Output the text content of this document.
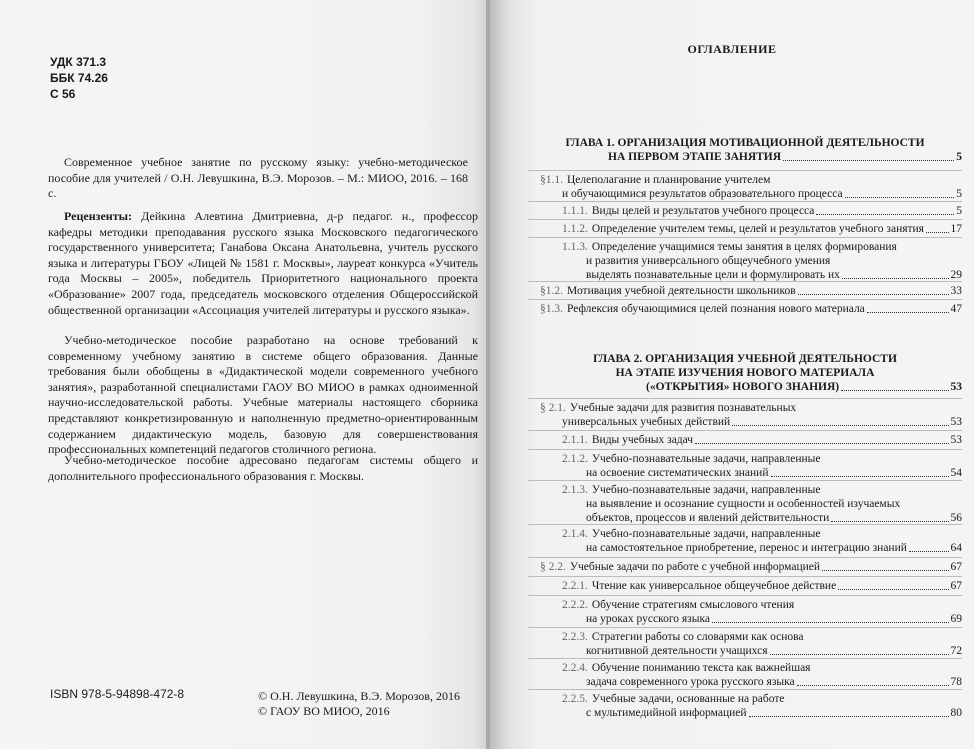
УДК 371.3
ББК 74.26
С 56
Современное учебное занятие по русскому языку: учебно-методическое пособие для учителей / О.Н. Левушкина, В.Э. Морозов. – М.: МИОО, 2016. – 168 с.
Рецензенты: Дейкина Алевтина Дмитриевна, д-р педагог. н., профессор кафедры методики преподавания русского языка Московского педагогического государственного университета; Ганабова Оксана Анатольевна, учитель русского языка и литературы ГБОУ «Лицей № 1581 г. Москвы», лауреат конкурса «Учитель года Москвы – 2005», победитель Приоритетного национального проекта «Образование» 2007 года, председатель московского отделения Общероссийской общественной организации «Ассоциация учителей литературы и русского языка».
Учебно-методическое пособие разработано на основе требований к современному учебному занятию в системе общего образования. Данные требования были обобщены в «Дидактической модели современного учебного занятия», разработанной специалистами ГАОУ ВО МИОО в рамках одноименной научно-исследовательской работы. Учебные материалы настоящего сборника представляют конкретизированную и наполненную предметно-ориентированным содержанием дидактическую модель, базовую для совершенствования профессиональных компетенций педагогов столичного региона.
Учебно-методическое пособие адресовано педагогам системы общего и дополнительного профессионального образования г. Москвы.
ISBN 978-5-94898-472-8	© О.Н. Левушкина, В.Э. Морозов, 2016
© ГАОУ ВО МИОО, 2016
ОГЛАВЛЕНИЕ
ГЛАВА 1. ОРГАНИЗАЦИЯ МОТИВАЦИОННОЙ ДЕЯТЕЛЬНОСТИ
НА ПЕРВОМ ЭТАПЕ ЗАНЯТИЯ	5
§1.1. Целеполагание и планирование учителем
и обучающимися результатов образовательного процесса	5
1.1.1. Виды целей и результатов учебного процесса	5
1.1.2. Определение учителем темы, целей и результатов учебного занятия 17
1.1.3. Определение учащимися темы занятия в целях формирования
и развития универсального общеучебного умения
выделять познавательные цели и формулировать их	29
§1.2. Мотивация учебной деятельности школьников	33
§1.3. Рефлексия обучающимися целей познания нового материала	47
ГЛАВА 2. ОРГАНИЗАЦИЯ УЧЕБНОЙ ДЕЯТЕЛЬНОСТИ
НА ЭТАПЕ ИЗУЧЕНИЯ НОВОГО МАТЕРИАЛА
(«ОТКРЫТИЯ» НОВОГО ЗНАНИЯ)	53
§ 2.1. Учебные задачи для развития познавательных
универсальных учебных действий	53
2.1.1. Виды учебных задач	53
2.1.2. Учебно-познавательные задачи, направленные
на освоение систематических знаний	54
2.1.3. Учебно-познавательные задачи, направленные
на выявление и осознание сущности и особенностей изучаемых
объектов, процессов и явлений действительности	56
2.1.4. Учебно-познавательные задачи, направленные
на самостоятельное приобретение, перенос и интеграцию знаний	64
§ 2.2. Учебные задачи по работе с учебной информацией	67
2.2.1. Чтение как универсальное общеучебное действие	67
2.2.2. Обучение стратегиям смыслового чтения
на уроках русского языка	69
2.2.3. Стратегии работы со словарями как основа
когнитивной деятельности учащихся	72
2.2.4. Обучение пониманию текста как важнейшая
задача современного урока русского языка	78
2.2.5. Учебные задачи, основанные на работе
с мультимедийной информацией	80
